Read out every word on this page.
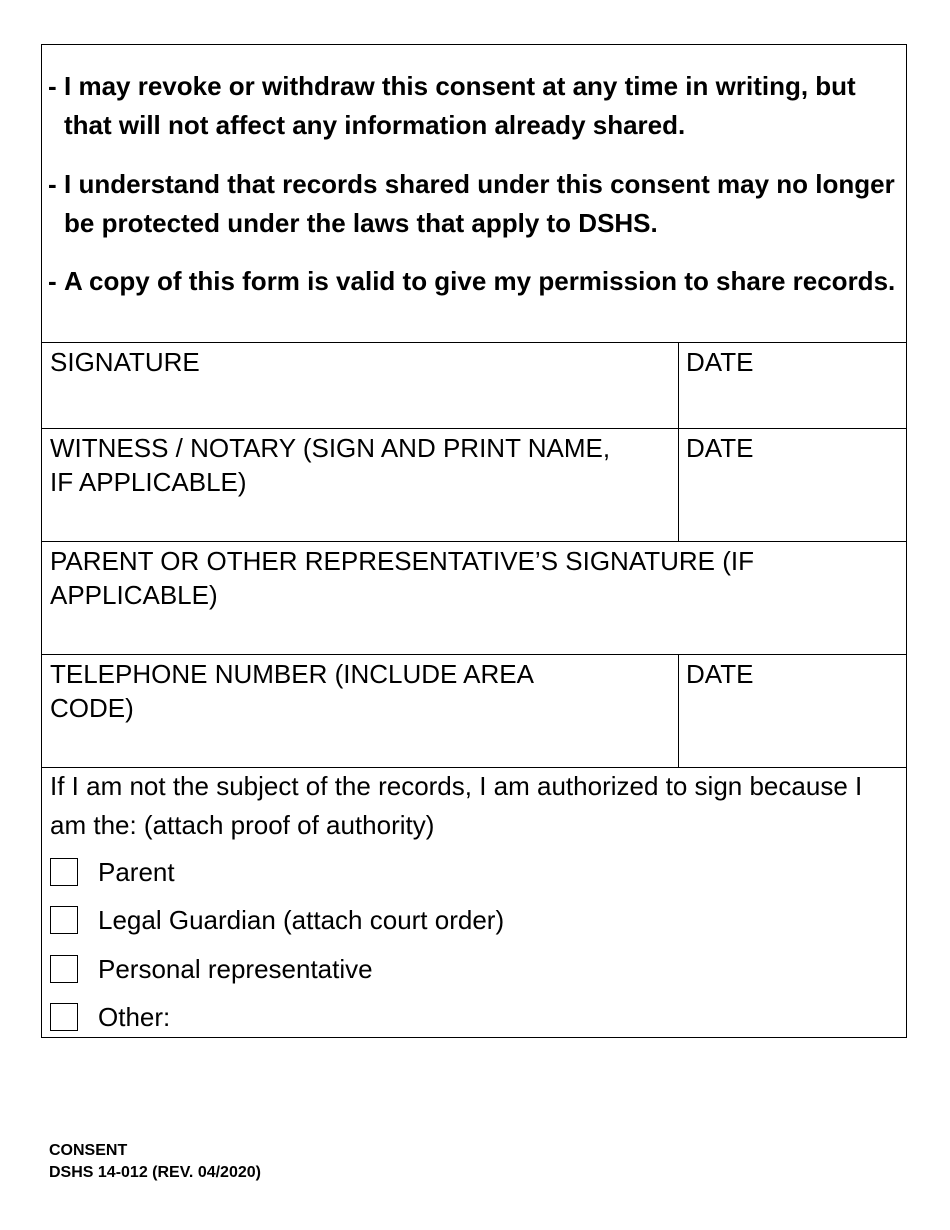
- I may revoke or withdraw this consent at any time in writing, but that will not affect any information already shared.
- I understand that records shared under this consent may no longer be protected under the laws that apply to DSHS.
- A copy of this form is valid to give my permission to share records.
SIGNATURE	DATE
WITNESS / NOTARY (SIGN AND PRINT NAME,
IF APPLICABLE)
DATE
PARENT OR OTHER REPRESENTATIVE’S SIGNATURE (IF
APPLICABLE)
TELEPHONE NUMBER (INCLUDE AREA
CODE)
DATE
If I am not the subject of the records, I am authorized to sign because I am the: (attach proof of authority)
Parent
Legal Guardian (attach court order)
Personal representative
Other:
CONSENT
DSHS 14-012 (REV. 04/2020)
